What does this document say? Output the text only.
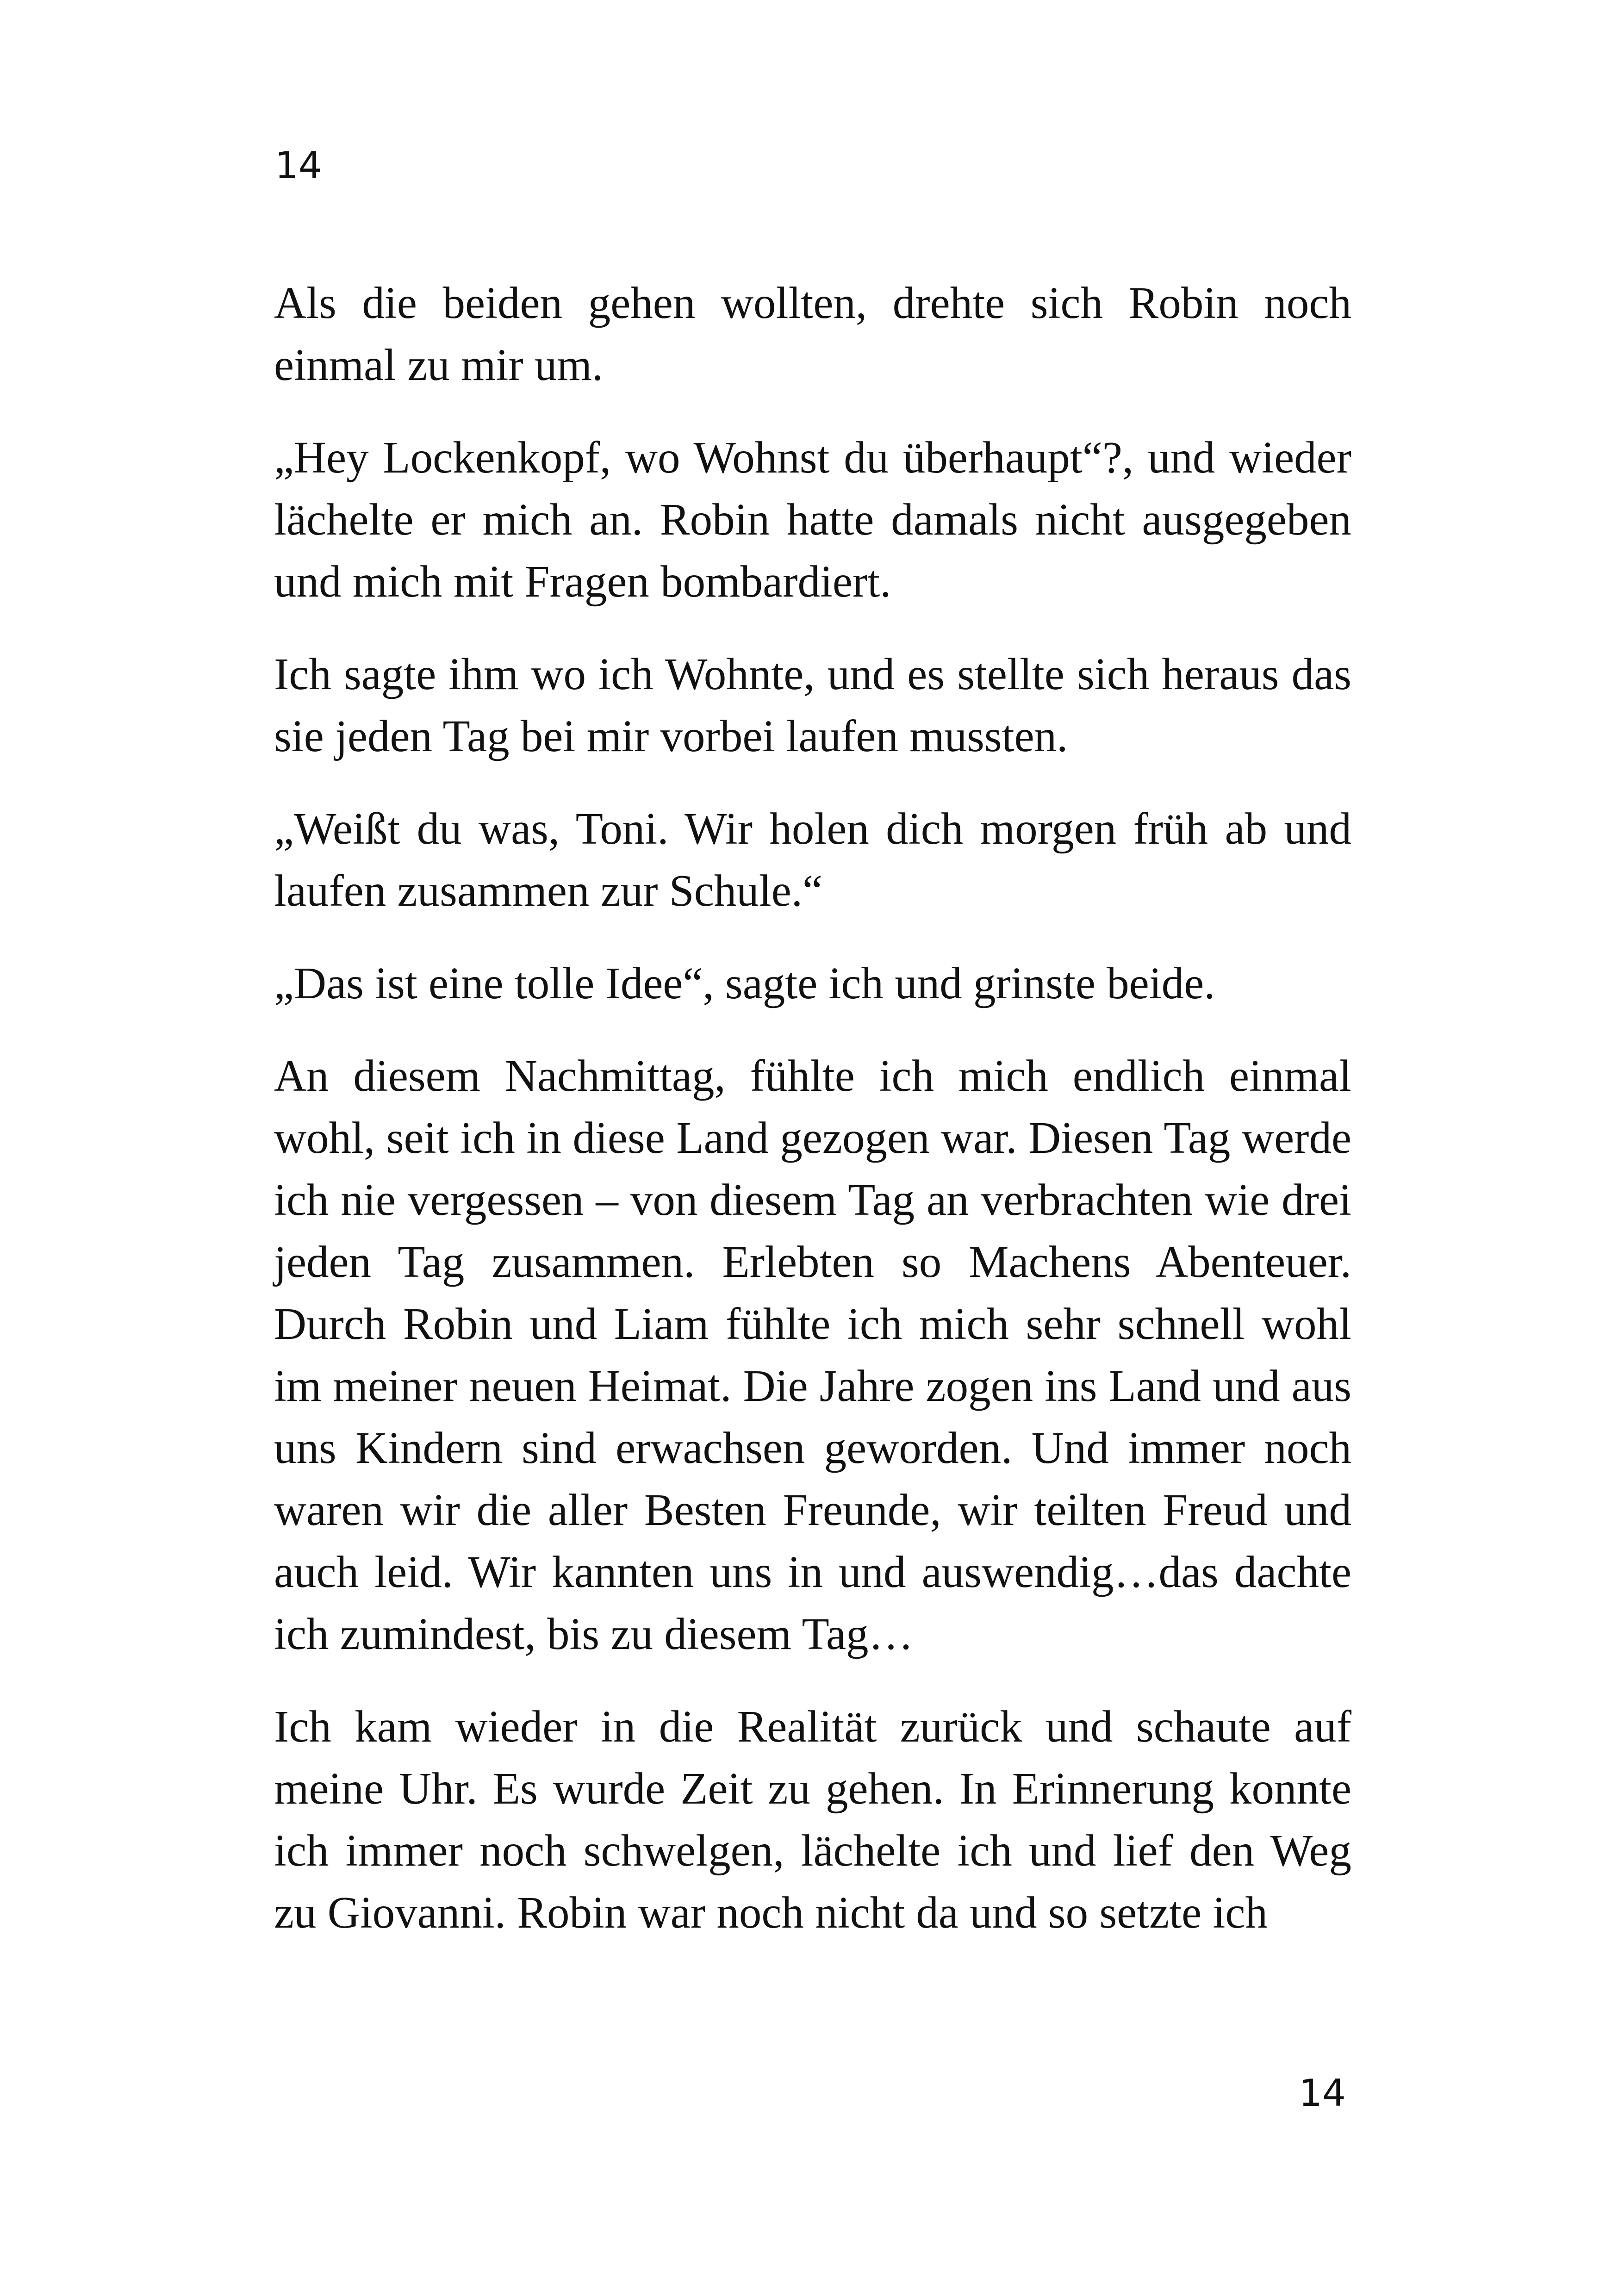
14

Als die beiden gehen wollten, drehte sich Robin noch einmal zu mir um.

„Hey Lockenkopf, wo Wohnst du überhaupt“?, und wieder lächelte er mich an. Robin hatte damals nicht ausgegeben und mich mit Fragen bombardiert.

Ich sagte ihm wo ich Wohnte, und es stellte sich heraus das sie jeden Tag bei mir vorbei laufen mussten.

„Weißt du was, Toni. Wir holen dich morgen früh ab und laufen zusammen zur Schule.“

„Das ist eine tolle Idee“, sagte ich und grinste beide.

An diesem Nachmittag, fühlte ich mich endlich einmal wohl, seit ich in diese Land gezogen war. Diesen Tag werde ich nie vergessen – von diesem Tag an verbrachten wie drei jeden Tag zusammen. Erlebten so Machens Abenteuer. Durch Robin und Liam fühlte ich mich sehr schnell wohl im meiner neuen Heimat. Die Jahre zogen ins Land und aus uns Kindern sind erwachsen geworden. Und immer noch waren wir die aller Besten Freunde, wir teilten Freud und auch leid. Wir kannten uns in und auswendig…das dachte ich zumindest, bis zu diesem Tag…

Ich kam wieder in die Realität zurück und schaute auf meine Uhr. Es wurde Zeit zu gehen. In Erinnerung konnte ich immer noch schwelgen, lächelte ich und lief den Weg zu Giovanni. Robin war noch nicht da und so setzte ich

14
